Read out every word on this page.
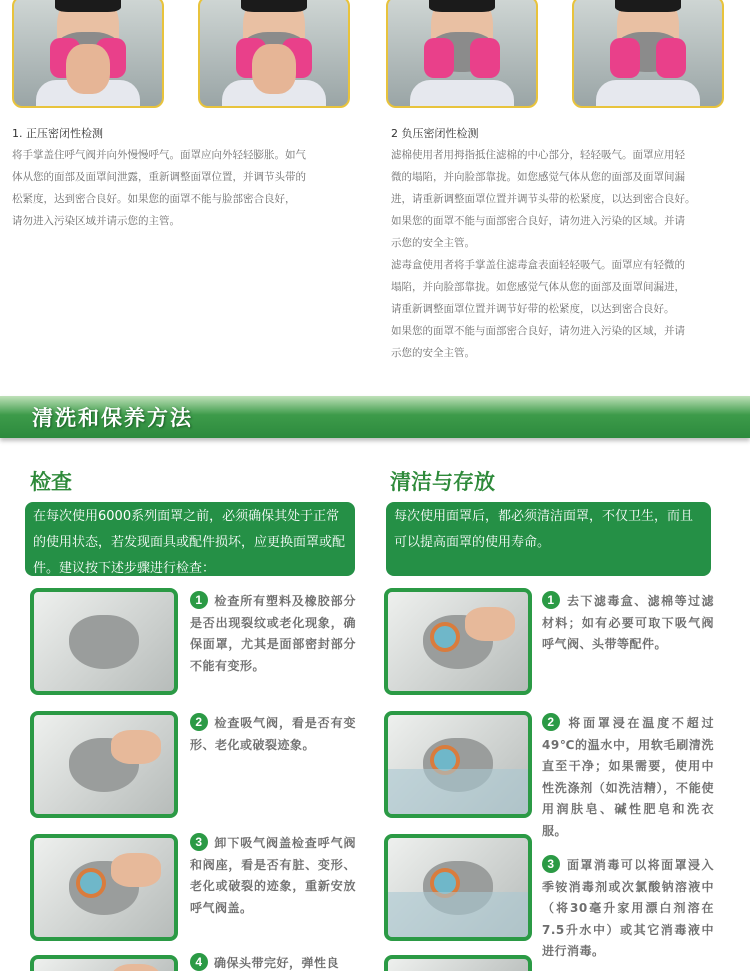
1. 正压密闭性检测
将手掌盖住呼气阀并向外慢慢呼气。面罩应向外轻轻膨胀。如气
体从您的面部及面罩间泄露，重新调整面罩位置，并调节头带的
松紧度，达到密合良好。如果您的面罩不能与脸部密合良好，
请勿进入污染区域并请示您的主管。
2 负压密闭性检测
滤棉使用者用拇指抵住滤棉的中心部分，轻轻吸气。面罩应用轻
微的塌陷，并向脸部靠拢。如您感觉气体从您的面部及面罩间漏
进，请重新调整面罩位置并调节头带的松紧度，以达到密合良好。
如果您的面罩不能与面部密合良好，请勿进入污染的区域。并请
示您的安全主管。
滤毒盒使用者将手掌盖住滤毒盒表面轻轻吸气。面罩应有轻微的
塌陷，并向脸部靠拢。如您感觉气体从您的面部及面罩间漏进，
请重新调整面罩位置并调节好带的松紧度，以达到密合良好。
如果您的面罩不能与面部密合良好，请勿进入污染的区域，并请
示您的安全主管。
清洗和保养方法
检查
在每次使用6000系列面罩之前，必须确保其处于正常的使用状态，若发现面具或配件损坏，应更换面罩或配件。建议按下述步骤进行检查：
1 检查所有塑料及橡胶部分是否出现裂纹或老化现象，确保面罩，尤其是面部密封部分不能有变形。
2 检查吸气阀，看是否有变形、老化或破裂迹象。
3 卸下吸气阀盖检查呼气阀和阀座，看是否有脏、变形、老化或破裂的迹象，重新安放呼气阀盖。
4 确保头带完好，弹性良
清洁与存放
每次使用面罩后，都必须清洁面罩，不仅卫生，而且可以提高面罩的使用寿命。
1 去下滤毒盒、滤棉等过滤材料；如有必要可取下吸气阀呼气阀、头带等配件。
2 将面罩浸在温度不超过49℃的温水中，用软毛刷清洗直至干净；如果需要，使用中性洗涤剂（如洗洁精），不能使用润肤皂、碱性肥皂和洗衣服。
3 面罩消毒可以将面罩浸入季铵消毒剂或次氯酸钠溶液中（将30毫升家用漂白剂溶在7.5升水中）或其它消毒液中进行消毒。
